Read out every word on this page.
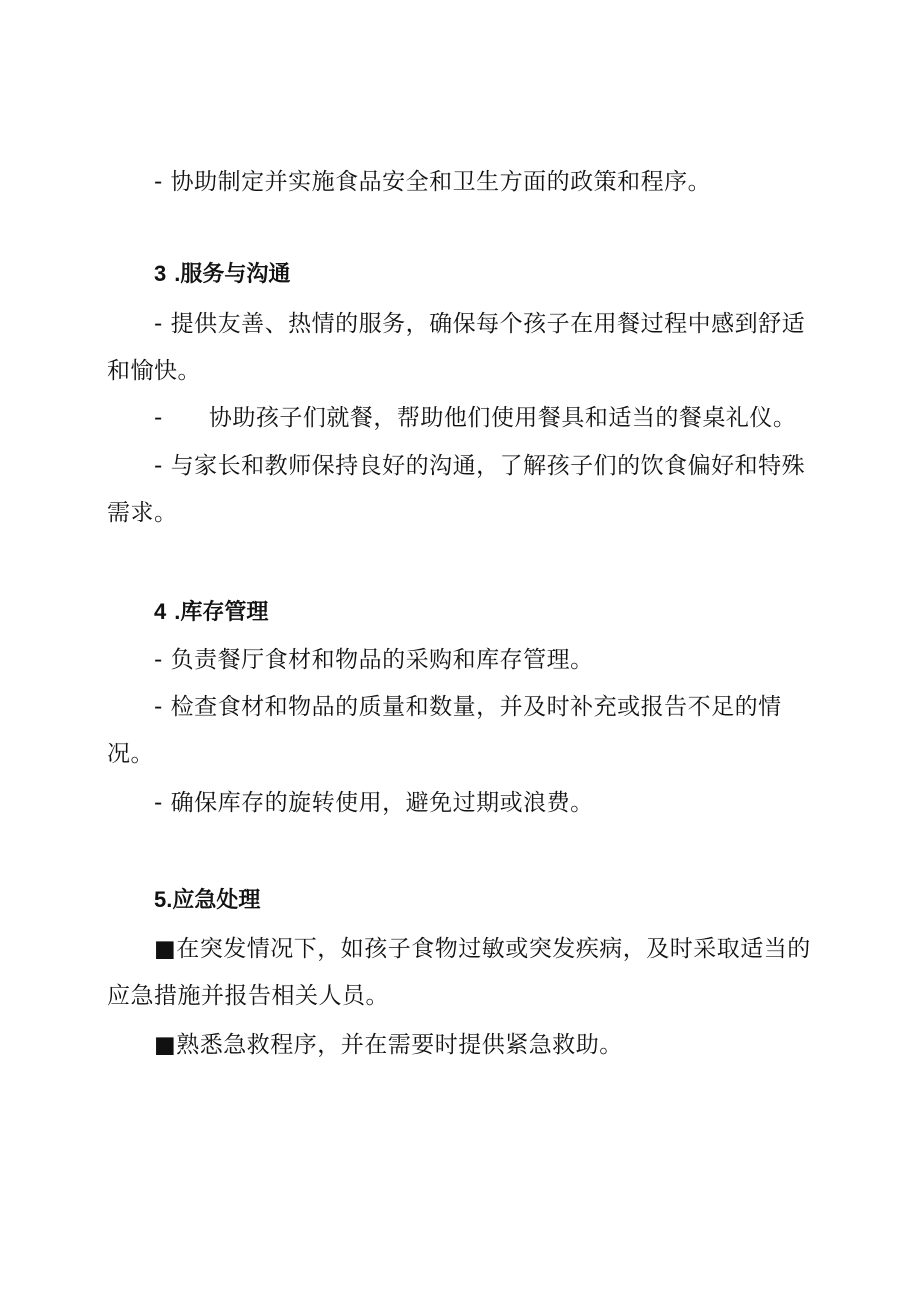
- 协助制定并实施食品安全和卫生方面的政策和程序。
3 .服务与沟通
- 提供友善、热情的服务，确保每个孩子在用餐过程中感到舒适和愉快。
- 协助孩子们就餐，帮助他们使用餐具和适当的餐桌礼仪。
- 与家长和教师保持良好的沟通，了解孩子们的饮食偏好和特殊需求。
4 .库存管理
- 负责餐厅食材和物品的采购和库存管理。
- 检查食材和物品的质量和数量，并及时补充或报告不足的情况。
- 确保库存的旋转使用，避免过期或浪费。
5.应急处理
■在突发情况下，如孩子食物过敏或突发疾病，及时采取适当的应急措施并报告相关人员。
■熟悉急救程序，并在需要时提供紧急救助。
